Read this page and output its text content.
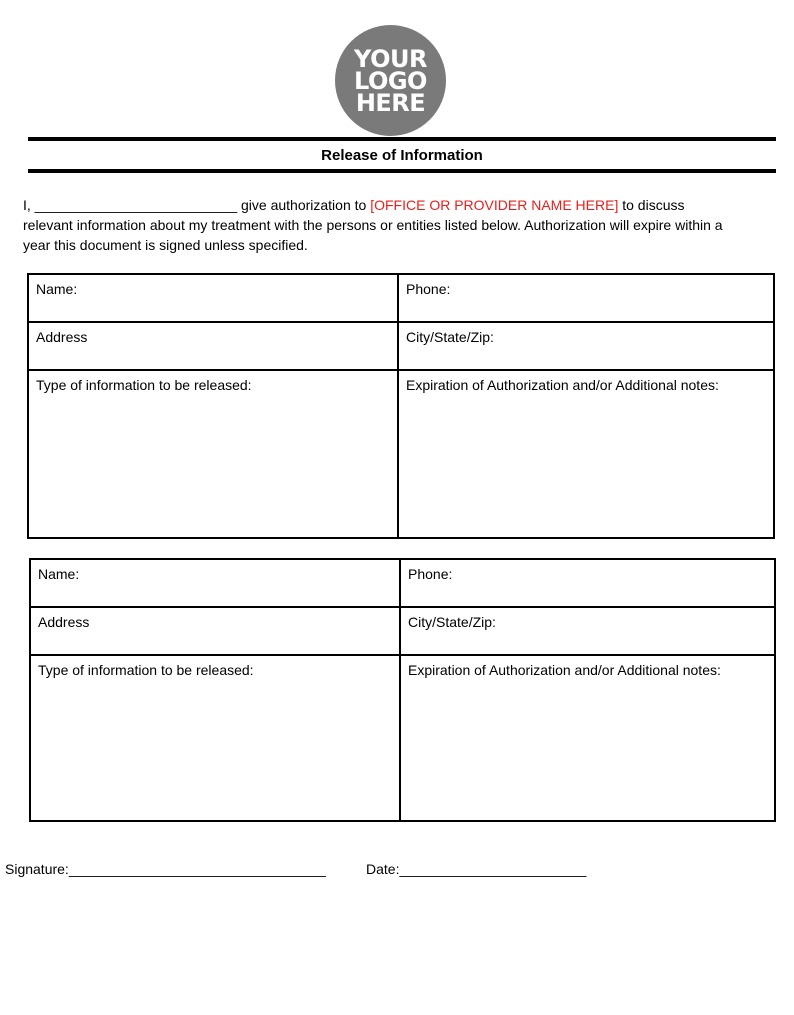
YOUR
LOGO
HERE
Release of Information

I, __________________________ give authorization to [OFFICE OR PROVIDER NAME HERE] to discuss relevant information about my treatment with the persons or entities listed below. Authorization will expire within a year this document is signed unless specified.

Name:	Phone:
Address	City/State/Zip:
Type of information to be released:	Expiration of Authorization and/or Additional notes:
Name:	Phone:
Address	City/State/Zip:
Type of information to be released:	Expiration of Authorization and/or Additional notes:
Signature:_________________________________	Date:________________________
